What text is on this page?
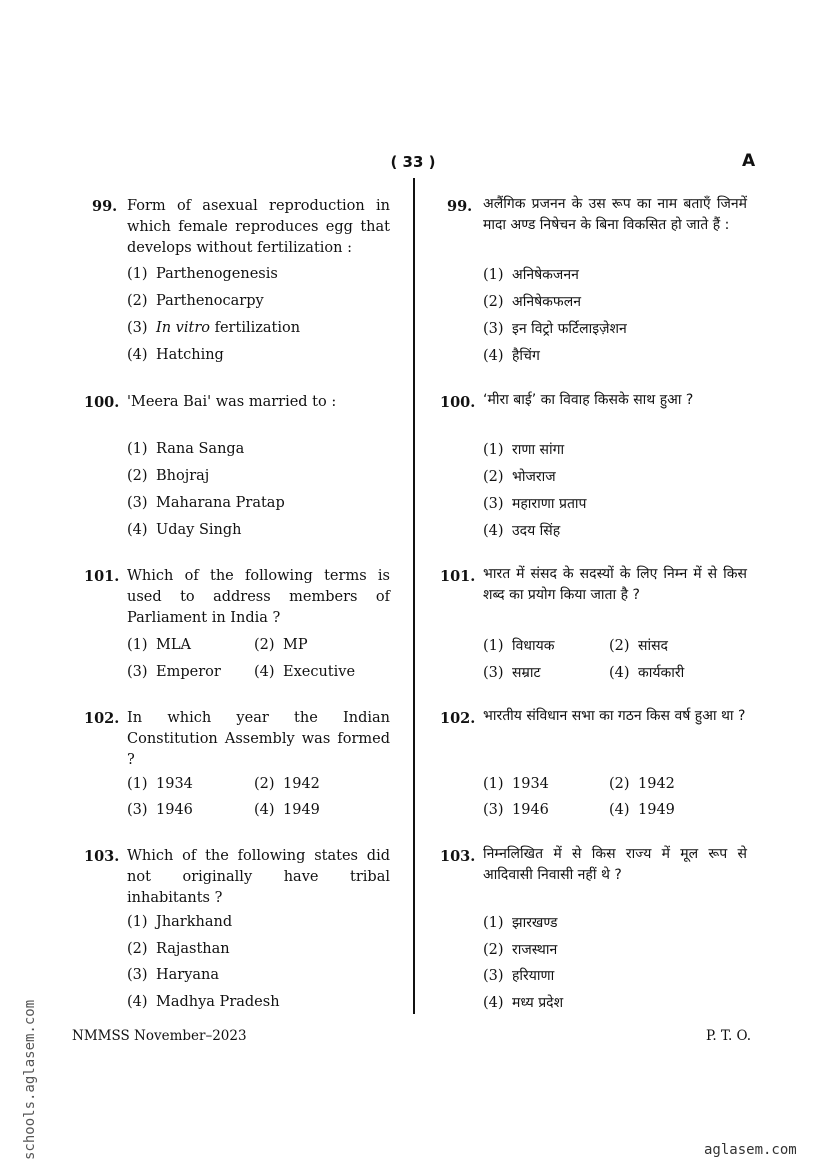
( 33 )	A
99. Form of asexual reproduction in which female reproduces egg that develops without fertilization :
(1) Parthenogenesis
(2) Parthenocarpy
(3) In vitro fertilization
(4) Hatching
100. 'Meera Bai' was married to :
(1) Rana Sanga
(2) Bhojraj
(3) Maharana Pratap
(4) Uday Singh
101. Which of the following terms is used to address members of Parliament in India ?
(1) MLA	(2) MP
(3) Emperor (4) Executive
102. In which year the Indian Constitution Assembly was formed ?
(1) 1934	(2) 1942
(3) 1946	(4) 1949
103. Which of the following states did not originally have tribal inhabitants ?
(1) Jharkhand
(2) Rajasthan
(3) Haryana
(4) Madhya Pradesh
99. अलैंगिक प्रजनन के उस रूप का नाम बताएँ जिनमें मादा अण्ड निषेचन के बिना विकसित हो जाते हैं :
(1) अनिषेकजनन
(2) अनिषेकफलन
(3) इन विट्रो फर्टिलाइज़ेशन
(4) हैचिंग
100. ‘मीरा बाई’ का विवाह किसके साथ हुआ ?
(1) राणा सांगा
(2) भोजराज
(3) महाराणा प्रताप
(4) उदय सिंह
101. भारत में संसद के सदस्यों के लिए निम्न में से किस शब्द का प्रयोग किया जाता है ?
(1) विधायक	(2) सांसद
(3) सम्राट	(4) कार्यकारी
102. भारतीय संविधान सभा का गठन किस वर्ष हुआ था ?
(1) 1934	(2) 1942
(3) 1946	(4) 1949
103. निम्नलिखित में से किस राज्य में मूल रूप से आदिवासी निवासी नहीं थे ?
(1) झारखण्ड
(2) राजस्थान
(3) हरियाणा
(4) मध्य प्रदेश
NMMSS November–2023	P. T. O.
schools.aglasem.com	aglasem.com
